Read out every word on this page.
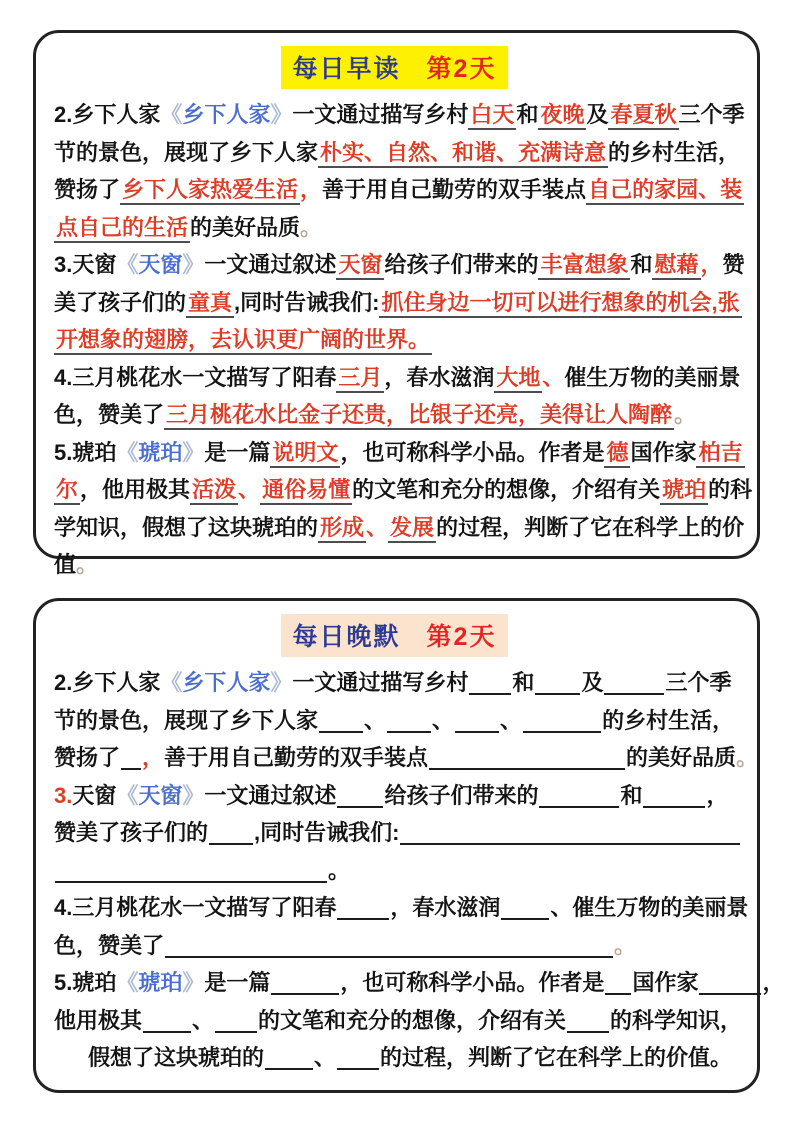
每日早读 第2天
2.乡下人家《乡下人家》一文通过描写乡村白天和夜晚及春夏秋三个季
节的景色，展现了乡下人家朴实、自然、和谐、充满诗意的乡村生活，
赞扬了乡下人家热爱生活，善于用自己勤劳的双手装点自己的家园、装
点自己的生活的美好品质。
3.天窗《天窗》一文通过叙述天窗给孩子们带来的丰富想象和慰藉，赞
美了孩子们的童真,同时告诫我们:抓住身边一切可以进行想象的机会,张
开想象的翅膀，去认识更广阔的世界。
4.三月桃花水一文描写了阳春三月，春水滋润大地、催生万物的美丽景
色，赞美了三月桃花水比金子还贵，比银子还亮，美得让人陶醉。
5.琥珀《琥珀》是一篇说明文，也可称科学小品。作者是德国作家柏吉
尔，他用极其活泼、通俗易懂的文笔和充分的想像，介绍有关琥珀的科
学知识，假想了这块琥珀的形成、发展的过程，判断了它在科学上的价
值。
每日晚默 第2天
2.乡下人家《乡下人家》一文通过描写乡村 和 及	三个季
节的景色，展现了乡下人家 、 、 、	的乡村生活，
赞扬了 ，善于用自己勤劳的双手装点	的美好品质。
3.天窗《天窗》一文通过叙述 给孩子们带来的	和	，
赞美了孩子们的 ,同时告诫我们:
。
4.三月桃花水一文描写了阳春 ，春水滋润 、催生万物的美丽景
色，赞美了	。
5.琥珀《琥珀》是一篇	，也可称科学小品。作者是 国作家	，
他用极其 、 的文笔和充分的想像，介绍有关 的科学知识，
假想了这块琥珀的 、 的过程，判断了它在科学上的价值。
